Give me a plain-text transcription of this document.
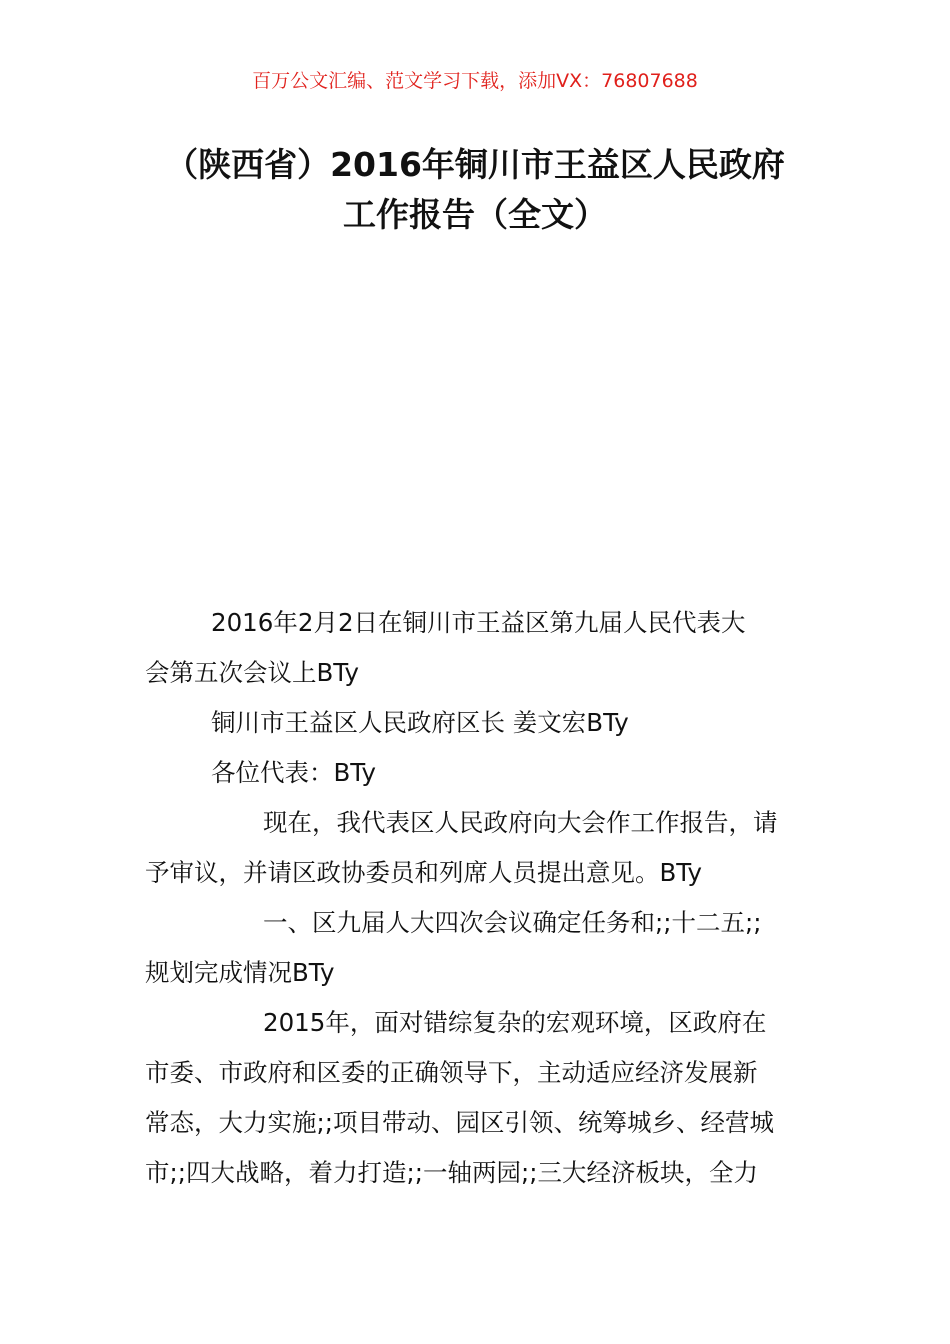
百万公文汇编、范文学习下载，添加VX：76807688
（陕西省）2016年铜川市王益区人民政府
工作报告（全文）
2016年2月2日在铜川市王益区第九届人民代表大
会第五次会议上BTy
铜川市王益区人民政府区长 姜文宏BTy
各位代表：BTy
现在，我代表区人民政府向大会作工作报告，请
予审议，并请区政协委员和列席人员提出意见。BTy
一、区九届人大四次会议确定任务和;;十二五;;
规划完成情况BTy
2015年，面对错综复杂的宏观环境，区政府在
市委、市政府和区委的正确领导下，主动适应经济发展新
常态，大力实施;;项目带动、园区引领、统筹城乡、经营城
市;;四大战略，着力打造;;一轴两园;;三大经济板块，全力
